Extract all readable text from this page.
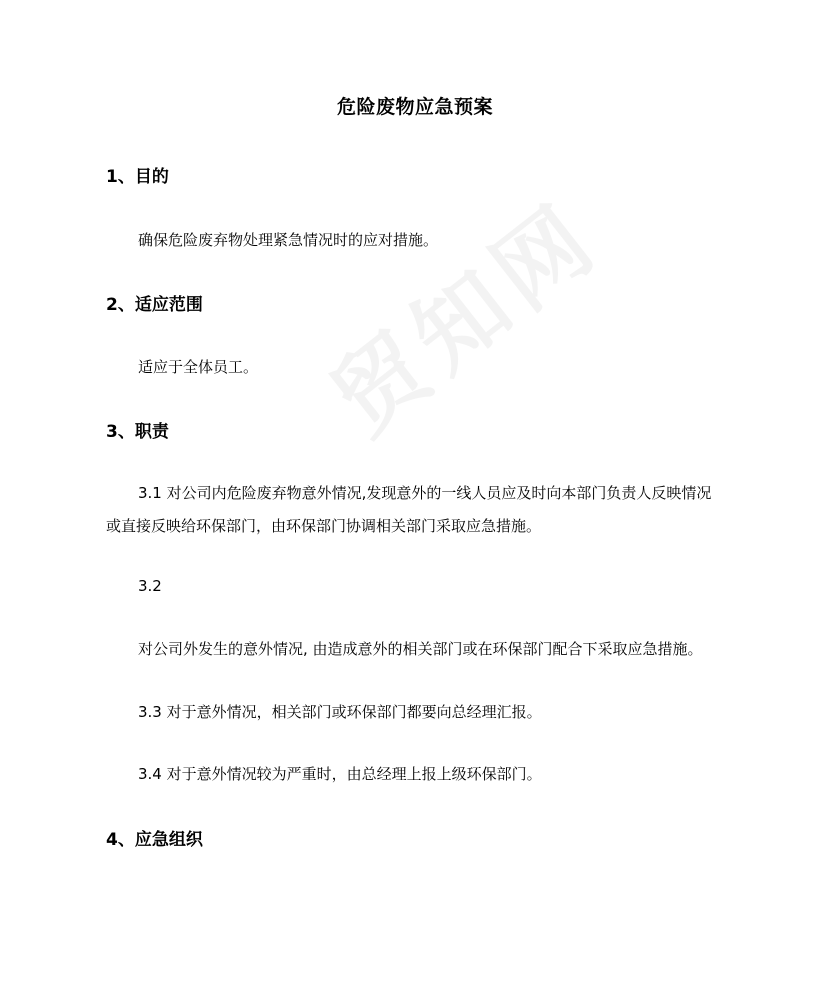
危险废物应急预案
1、目的
确保危险废弃物处理紧急情况时的应对措施。
2、适应范围
适应于全体员工。
3、职责
3.1 对公司内危险废弃物意外情况,发现意外的一线人员应及时向本部门负责人反映情况或直接反映给环保部门，由环保部门协调相关部门采取应急措施。
3.2
对公司外发生的意外情况, 由造成意外的相关部门或在环保部门配合下采取应急措施。
3.3 对于意外情况，相关部门或环保部门都要向总经理汇报。
3.4 对于意外情况较为严重时，由总经理上报上级环保部门。
4、应急组织
